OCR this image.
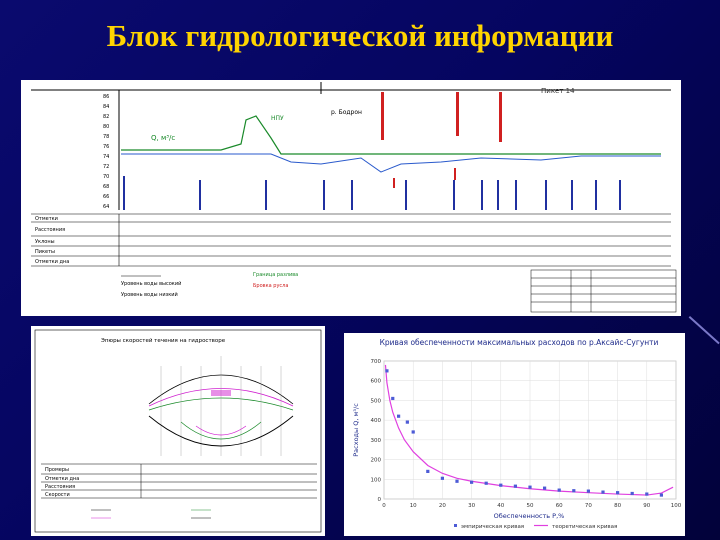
Блок гидрологической информации
Пикет 14
86
84
82
80
78
76
74
72
70
68
66
64
Q, м³/с
НПУ
р. Бодрон
Отметки
Расстояния
Уклоны
Пикеты
Отметки дна
Уровень воды высокий
Уровень воды низкий
Граница разлива
Бровка русла
Эпюры скоростей течения на гидростворе
Промеры
Отметки дна
Расстояния
Скорости
Кривая обеспеченности максимальных расходов по р.Аксайс-Сугунти
Расходы Q, м³/с
Обеспеченность Р,%
0
100
200
300
400
500
600
700
0	10	20	30	40	50	60	70	80	90	100
эмпирическая кривая	теоретическая кривая
